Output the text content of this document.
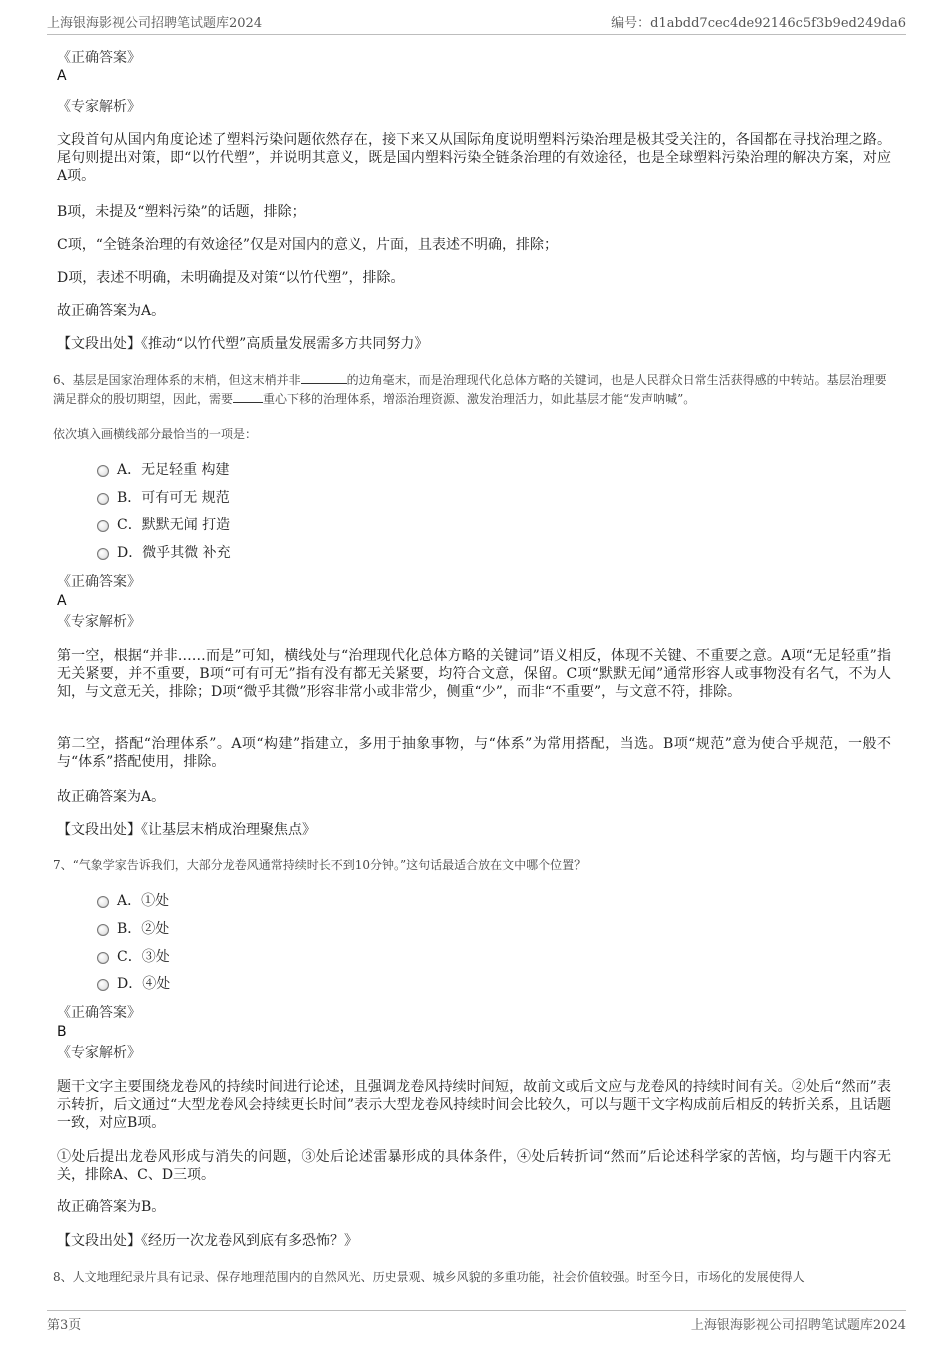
上海银海影视公司招聘笔试题库2024	编号：d1abdd7cec4de92146c5f3b9ed249da6

《正确答案》

A

《专家解析》

文段首句从国内角度论述了塑料污染问题依然存在，接下来又从国际角度说明塑料污染治理是极其受关注的，各国都在寻找治理之路。尾句则提出对策，即“以竹代塑”，并说明其意义，既是国内塑料污染全链条治理的有效途径，也是全球塑料污染治理的解决方案，对应A项。

B项，未提及“塑料污染”的话题，排除；

C项，“全链条治理的有效途径”仅是对国内的意义，片面，且表述不明确，排除；

D项，表述不明确，未明确提及对策“以竹代塑”，排除。

故正确答案为A。

【文段出处】《推动“以竹代塑”高质量发展需多方共同努力》

6、基层是国家治理体系的末梢，但这末梢并非	的边角毫末，而是治理现代化总体方略的关键词，也是人民群众日常生活获得感的中转站。基层治理要满足群众的殷切期望，因此，需要	重心下移的治理体系，增添治理资源、激发治理活力，如此基层才能“发声呐喊”。

依次填入画横线部分最恰当的一项是：

A．无足轻重 构建
B．可有可无 规范
C．默默无闻 打造
D．微乎其微 补充

《正确答案》

A

《专家解析》

第一空，根据“并非……而是”可知，横线处与“治理现代化总体方略的关键词”语义相反，体现不关键、不重要之意。A项“无足轻重”指无关紧要，并不重要，B项“可有可无”指有没有都无关紧要，均符合文意，保留。C项“默默无闻”通常形容人或事物没有名气，不为人知，与文意无关，排除；D项“微乎其微”形容非常小或非常少，侧重“少”，而非“不重要”，与文意不符，排除。

第二空，搭配“治理体系”。A项“构建”指建立，多用于抽象事物，与“体系”为常用搭配，当选。B项“规范”意为使合乎规范，一般不与“体系”搭配使用，排除。

故正确答案为A。

【文段出处】《让基层末梢成治理聚焦点》

7、“气象学家告诉我们，大部分龙卷风通常持续时长不到10分钟。”这句话最适合放在文中哪个位置？

A．①处
B．②处
C．③处
D．④处

《正确答案》

B

《专家解析》

题干文字主要围绕龙卷风的持续时间进行论述，且强调龙卷风持续时间短，故前文或后文应与龙卷风的持续时间有关。②处后“然而”表示转折，后文通过“大型龙卷风会持续更长时间”表示大型龙卷风持续时间会比较久，可以与题干文字构成前后相反的转折关系，且话题一致，对应B项。

①处后提出龙卷风形成与消失的问题，③处后论述雷暴形成的具体条件，④处后转折词“然而”后论述科学家的苦恼，均与题干内容无关，排除A、C、D三项。

故正确答案为B。

【文段出处】《经历一次龙卷风到底有多恐怖？》

8、人文地理纪录片具有记录、保存地理范围内的自然风光、历史景观、城乡风貌的多重功能，社会价值较强。时至今日，市场化的发展使得人

第3页	上海银海影视公司招聘笔试题库2024
